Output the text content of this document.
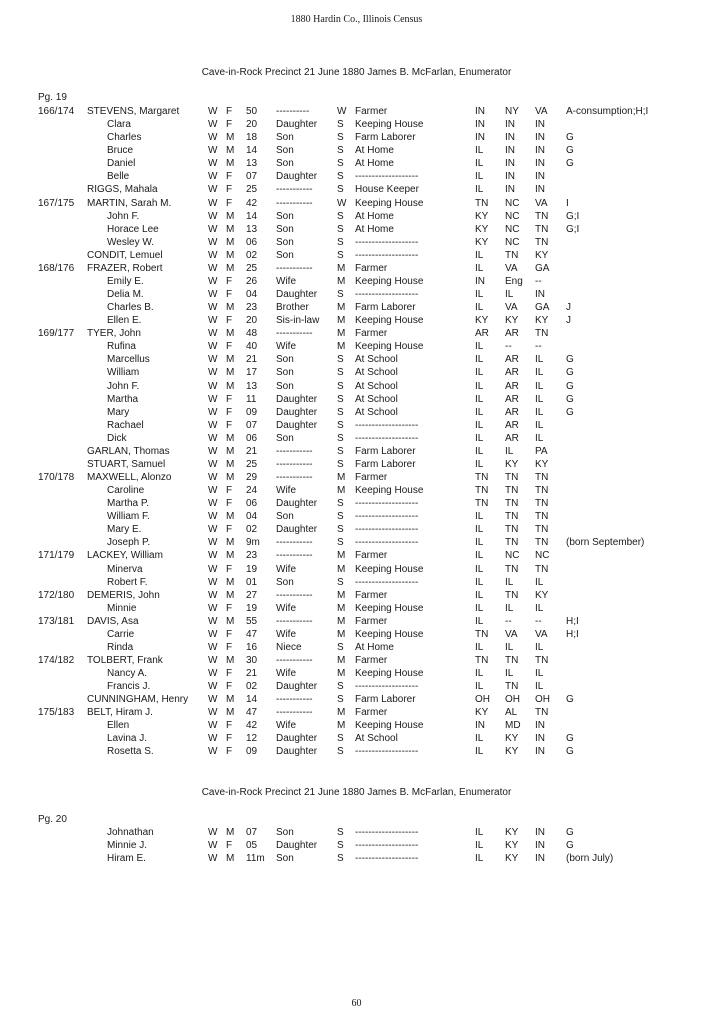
1880 Hardin Co., Illinois Census
Cave-in-Rock Precinct 21 June 1880 James B. McFarlan, Enumerator
Pg. 19
Cave-in-Rock Precinct 21 June 1880 James B. McFarlan, Enumerator
Pg. 20
166/174 STEVENS, Margaret	W F 50 ----------	W Farmer	IN NY VA A-consumption;H;I
Clara	W F 20 Daughter S Keeping House	IN IN IN
Charles	W M 18 Son	S Farm Laborer	IN IN IN G
Bruce	W M 14 Son	S At Home	IL IN IN G
Daniel	W M 13 Son	S At Home	IL IN IN G
Belle	W F 07 Daughter S -------------------	IL IN IN
RIGGS, Mahala	W F 25 ----------- S House Keeper	IL IN IN
167/175 MARTIN, Sarah M.	W F 42 ----------- W Keeping House	TN NC VA I
John F.	W M 14 Son	S At Home	KY NC TN G;I
Horace Lee	W M 13 Son	S At Home	KY NC TN G;I
Wesley W.	W M 06 Son	S -------------------	KY NC TN
CONDIT, Lemuel	W M 02 Son	S -------------------	IL TN KY
168/176 FRAZER, Robert	W M 25 ----------- M Farmer	IL VA GA
Emily E.	W F 26 Wife	M Keeping House	IN Eng --
Delia M.	W F 04 Daughter S -------------------	IL IL IN
Charles B.	W M 23 Brother	M Farm Laborer	IL VA GA J
Ellen E.	W F 20 Sis-in-law M Keeping House	KY KY KY J
169/177 TYER, John	W M 48 ----------- M Farmer	AR AR TN
Rufina	W F 40 Wife	M Keeping House	IL -- --
Marcellus	W M 21 Son	S At School	IL AR IL G
William	W M 17 Son	S At School	IL AR IL G
John F.	W M 13 Son	S At School	IL AR IL G
Martha	W F 11 Daughter S At School	IL AR IL G
Mary	W F 09 Daughter S At School	IL AR IL G
Rachael	W F 07 Daughter S -------------------	IL AR IL
Dick	W M 06 Son	S -------------------	IL AR IL
GARLAN, Thomas	W M 21 ----------- S Farm Laborer	IL IL PA
STUART, Samuel	W M 25 ----------- S Farm Laborer	IL KY KY
170/178 MAXWELL, Alonzo	W M 29 ----------- M Farmer	TN TN TN
Caroline	W F 24 Wife	M Keeping House	TN TN TN
Martha P.	W F 06 Daughter S -------------------	TN TN TN
William F.	W M 04 Son	S -------------------	IL TN TN
Mary E.	W F 02 Daughter S -------------------	IL TN TN
Joseph P.	W M 9m ----------- S -------------------	IL TN TN (born September)
171/179 LACKEY, William	W M 23 ----------- M Farmer	IL NC NC
Minerva	W F 19 Wife	M Keeping House	IL TN TN
Robert F.	W M 01 Son	S -------------------	IL IL IL
172/180 DEMERIS, John	W M 27 ----------- M Farmer	IL TN KY
Minnie	W F 19 Wife	M Keeping House	IL IL IL
173/181 DAVIS, Asa	W M 55 ----------- M Farmer	IL -- -- H;I
Carrie	W F 47 Wife	M Keeping House	TN VA VA H;I
Rinda	W F 16 Niece	S At Home	IL IL IL
174/182 TOLBERT, Frank	W M 30 ----------- M Farmer	TN TN TN
Nancy A.	W F 21 Wife	M Keeping House	IL IL IL
Francis J.	W F 02 Daughter S -------------------	IL TN IL
CUNNINGHAM, Henry W M 14 ----------- S Farm Laborer	OH OH OH G
175/183 BELT, Hiram J.	W M 47 ----------- M Farmer	KY AL TN
Ellen	W F 42 Wife	M Keeping House	IN MD IN
Lavina J.	W F 12 Daughter S At School	IL KY IN G
Rosetta S.	W F 09 Daughter S -------------------	IL KY IN G
Johnathan	W M 07 Son	S -------------------	IL KY IN G
Minnie J.	W F 05 Daughter S -------------------	IL KY IN G
Hiram E.	W M 11m Son	S -------------------	IL KY IN (born July)
60
